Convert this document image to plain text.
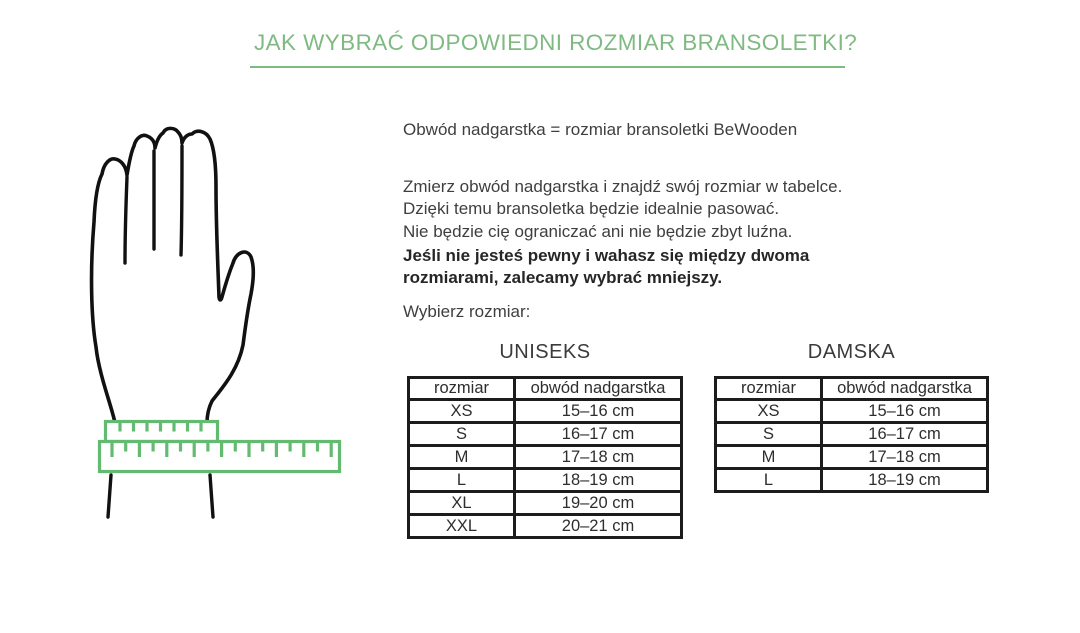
JAK WYBRAĆ ODPOWIEDNI ROZMIAR BRANSOLETKI?
Obwód nadgarstka = rozmiar bransoletki BeWooden
Zmierz obwód nadgarstka i znajdź swój rozmiar w tabelce.
Dzięki temu bransoletka będzie idealnie pasować.
Nie będzie cię ograniczać ani nie będzie zbyt luźna.
Jeśli nie jesteś pewny i wahasz się między dwoma
rozmiarami, zalecamy wybrać mniejszy.
Wybierz rozmiar:
UNISEKS
rozmiar	obwód nadgarstka
XS	15–16 cm
S	16–17 cm
M	17–18 cm
L	18–19 cm
XL	19–20 cm
XXL	20–21 cm
DAMSKA
rozmiar	obwód nadgarstka
XS	15–16 cm
S	16–17 cm
M	17–18 cm
L	18–19 cm
